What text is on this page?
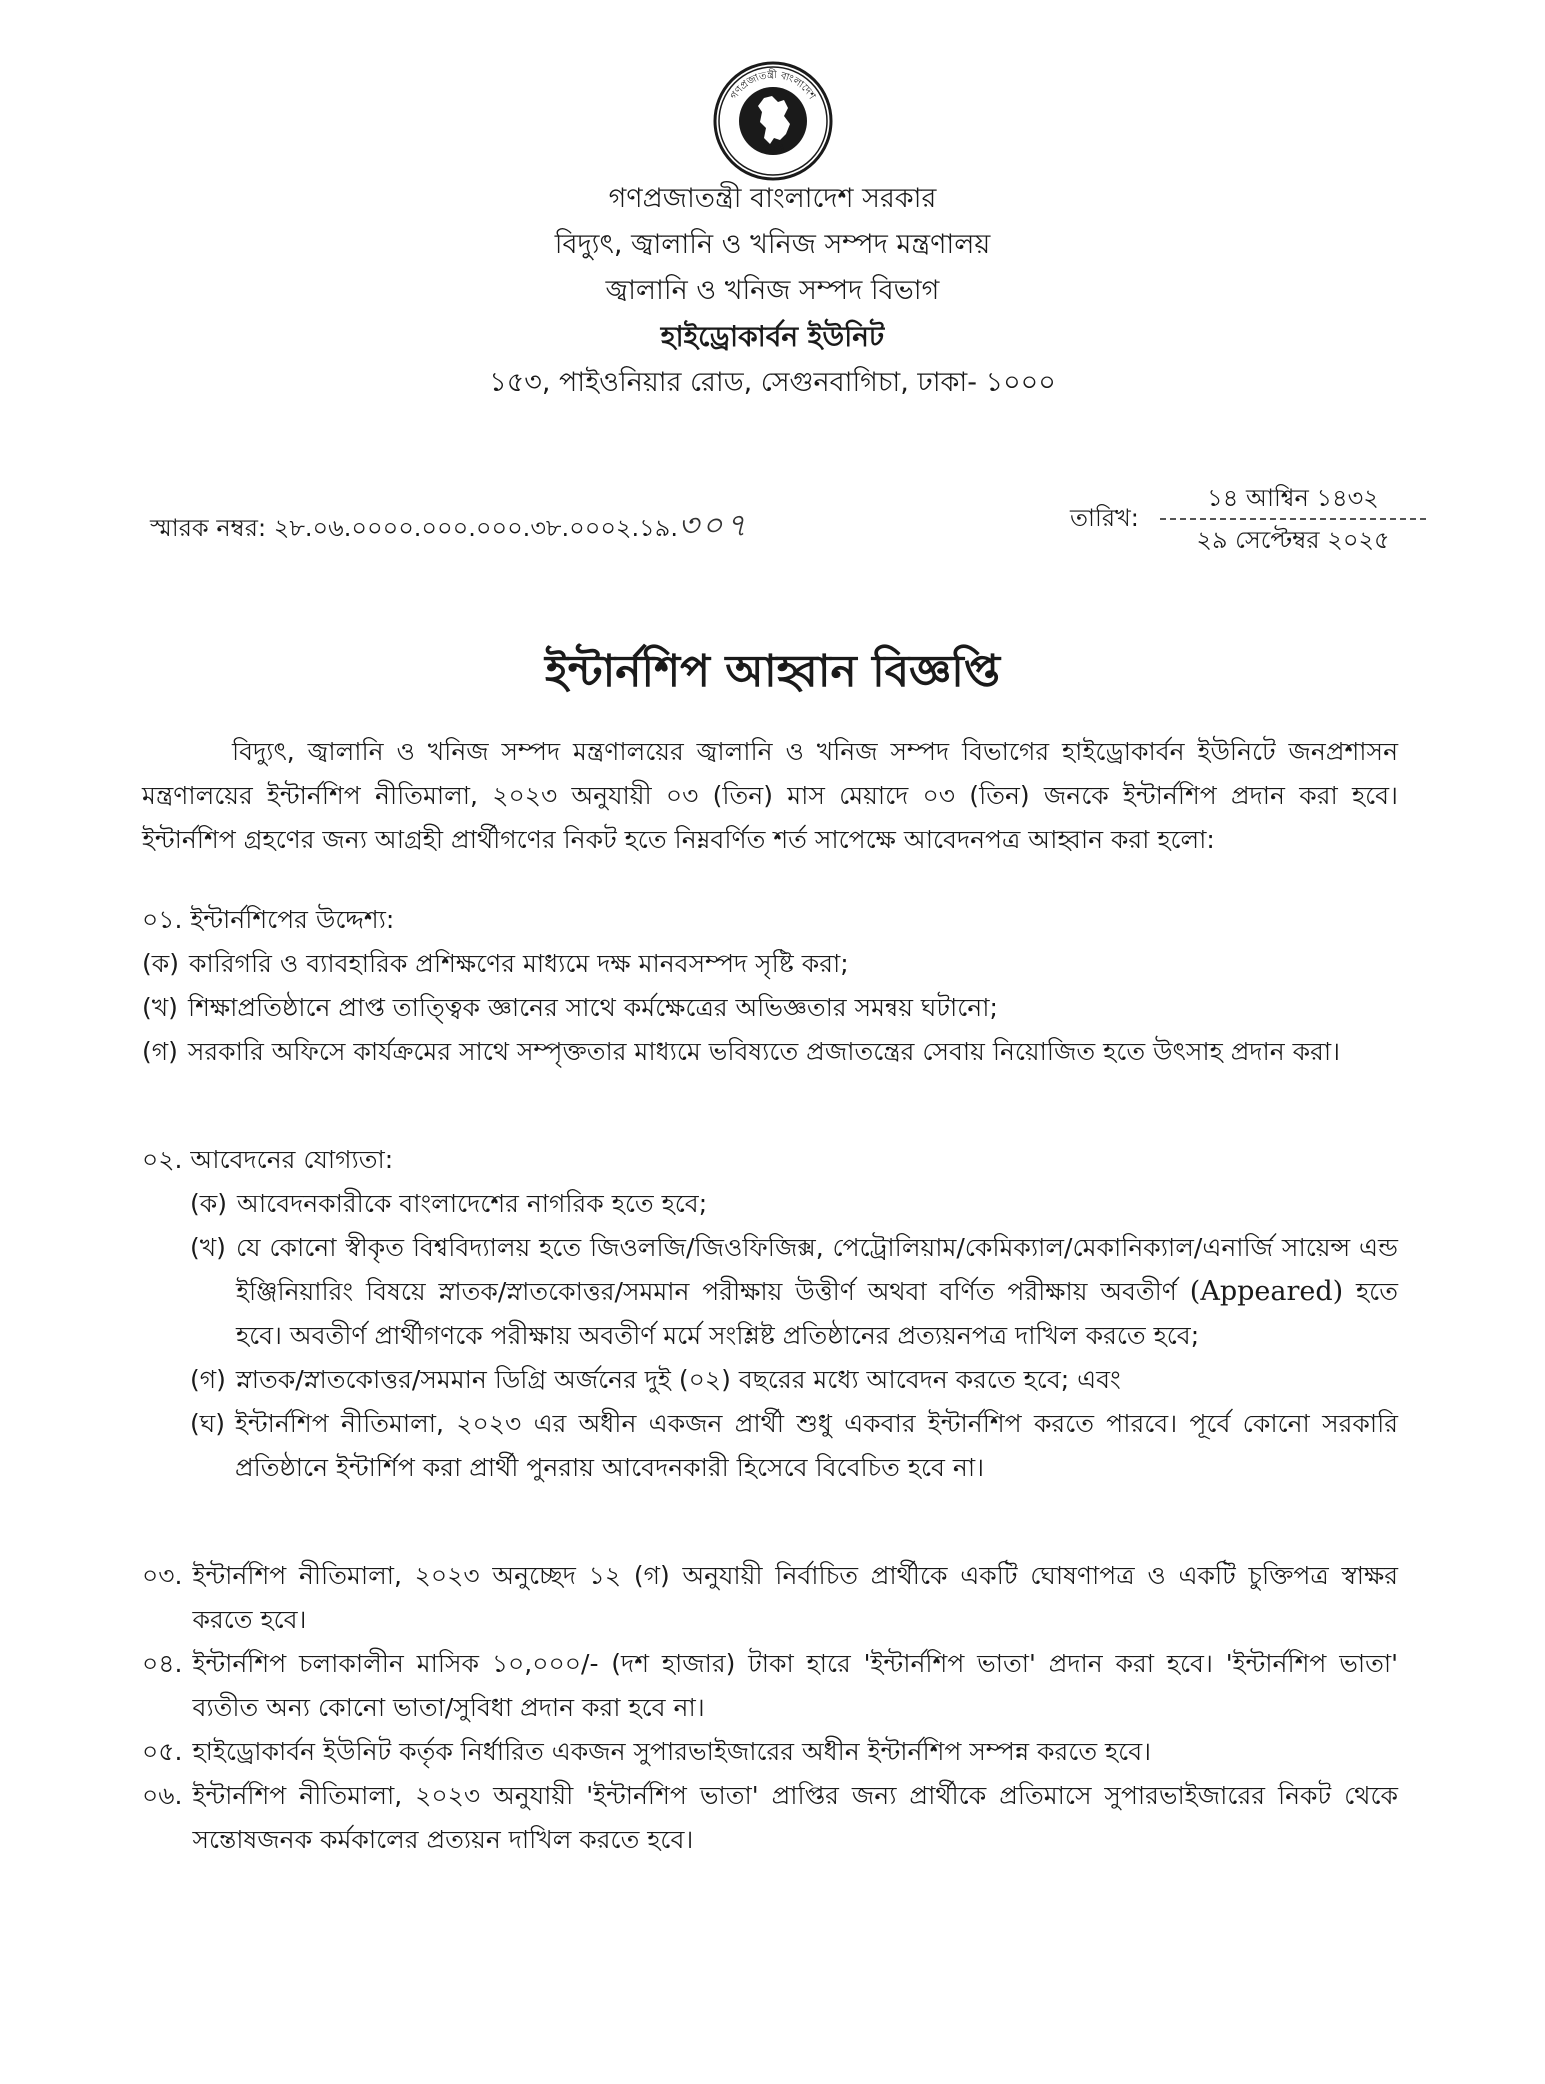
গণপ্রজাতন্ত্রী বাংলাদেশ
সরকার
গণপ্রজাতন্ত্রী বাংলাদেশ সরকার
বিদ্যুৎ, জ্বালানি ও খনিজ সম্পদ মন্ত্রণালয়
জ্বালানি ও খনিজ সম্পদ বিভাগ
হাইড্রোকার্বন ইউনিট
১৫৩, পাইওনিয়ার রোড, সেগুনবাগিচা, ঢাকা- ১০০০
স্মারক নম্বর: ২৮.০৬.০০০০.০০০.০০০.৩৮.০০০২.১৯.৩০৭	তারিখ:
১৪ আশ্বিন ১৪৩২
২৯ সেপ্টেম্বর ২০২৫
ইন্টার্নশিপ আহ্বান বিজ্ঞপ্তি

বিদ্যুৎ, জ্বালানি ও খনিজ সম্পদ মন্ত্রণালয়ের জ্বালানি ও খনিজ সম্পদ বিভাগের হাইড্রোকার্বন ইউনিটে জনপ্রশাসন মন্ত্রণালয়ের ইন্টার্নশিপ নীতিমালা, ২০২৩ অনুযায়ী ০৩ (তিন) মাস মেয়াদে ০৩ (তিন) জনকে ইন্টার্নশিপ প্রদান করা হবে। ইন্টার্নশিপ গ্রহণের জন্য আগ্রহী প্রার্থীগণের নিকট হতে নিম্নবর্ণিত শর্ত সাপেক্ষে আবেদনপত্র আহ্বান করা হলো:

০১. ইন্টার্নশিপের উদ্দেশ্য:
(ক) কারিগরি ও ব্যাবহারিক প্রশিক্ষণের মাধ্যমে দক্ষ মানবসম্পদ সৃষ্টি করা;
(খ) শিক্ষাপ্রতিষ্ঠানে প্রাপ্ত তাত্ত্বিক জ্ঞানের সাথে কর্মক্ষেত্রের অভিজ্ঞতার সমন্বয় ঘটানো;
(গ) সরকারি অফিসে কার্যক্রমের সাথে সম্পৃক্ততার মাধ্যমে ভবিষ্যতে প্রজাতন্ত্রের সেবায় নিয়োজিত হতে উৎসাহ প্রদান করা।
০২. আবেদনের যোগ্যতা:
(ক) আবেদনকারীকে বাংলাদেশের নাগরিক হতে হবে;
(খ) যে কোনো স্বীকৃত বিশ্ববিদ্যালয় হতে জিওলজি/জিওফিজিক্স, পেট্রোলিয়াম/কেমিক্যাল/মেকানিক্যাল/এনার্জি সায়েন্স এন্ড ইঞ্জিনিয়ারিং বিষয়ে স্নাতক/স্নাতকোত্তর/সমমান পরীক্ষায় উত্তীর্ণ অথবা বর্ণিত পরীক্ষায় অবতীর্ণ (Appeared) হতে হবে। অবতীর্ণ প্রার্থীগণকে পরীক্ষায় অবতীর্ণ মর্মে সংশ্লিষ্ট প্রতিষ্ঠানের প্রত্যয়নপত্র দাখিল করতে হবে;
(গ) স্নাতক/স্নাতকোত্তর/সমমান ডিগ্রি অর্জনের দুই (০২) বছরের মধ্যে আবেদন করতে হবে; এবং
(ঘ) ইন্টার্নশিপ নীতিমালা, ২০২৩ এর অধীন একজন প্রার্থী শুধু একবার ইন্টার্নশিপ করতে পারবে। পূর্বে কোনো সরকারি প্রতিষ্ঠানে ইন্টার্শিপ করা প্রার্থী পুনরায় আবেদনকারী হিসেবে বিবেচিত হবে না।
০৩. ইন্টার্নশিপ নীতিমালা, ২০২৩ অনুচ্ছেদ ১২ (গ) অনুযায়ী নির্বাচিত প্রার্থীকে একটি ঘোষণাপত্র ও একটি চুক্তিপত্র স্বাক্ষর করতে হবে।
০৪. ইন্টার্নশিপ চলাকালীন মাসিক ১০,০০০/- (দশ হাজার) টাকা হারে 'ইন্টার্নশিপ ভাতা' প্রদান করা হবে। 'ইন্টার্নশিপ ভাতা' ব্যতীত অন্য কোনো ভাতা/সুবিধা প্রদান করা হবে না।
০৫. হাইড্রোকার্বন ইউনিট কর্তৃক নির্ধারিত একজন সুপারভাইজারের অধীন ইন্টার্নশিপ সম্পন্ন করতে হবে।
০৬. ইন্টার্নশিপ নীতিমালা, ২০২৩ অনুযায়ী 'ইন্টার্নশিপ ভাতা' প্রাপ্তির জন্য প্রার্থীকে প্রতিমাসে সুপারভাইজারের নিকট থেকে সন্তোষজনক কর্মকালের প্রত্যয়ন দাখিল করতে হবে।
